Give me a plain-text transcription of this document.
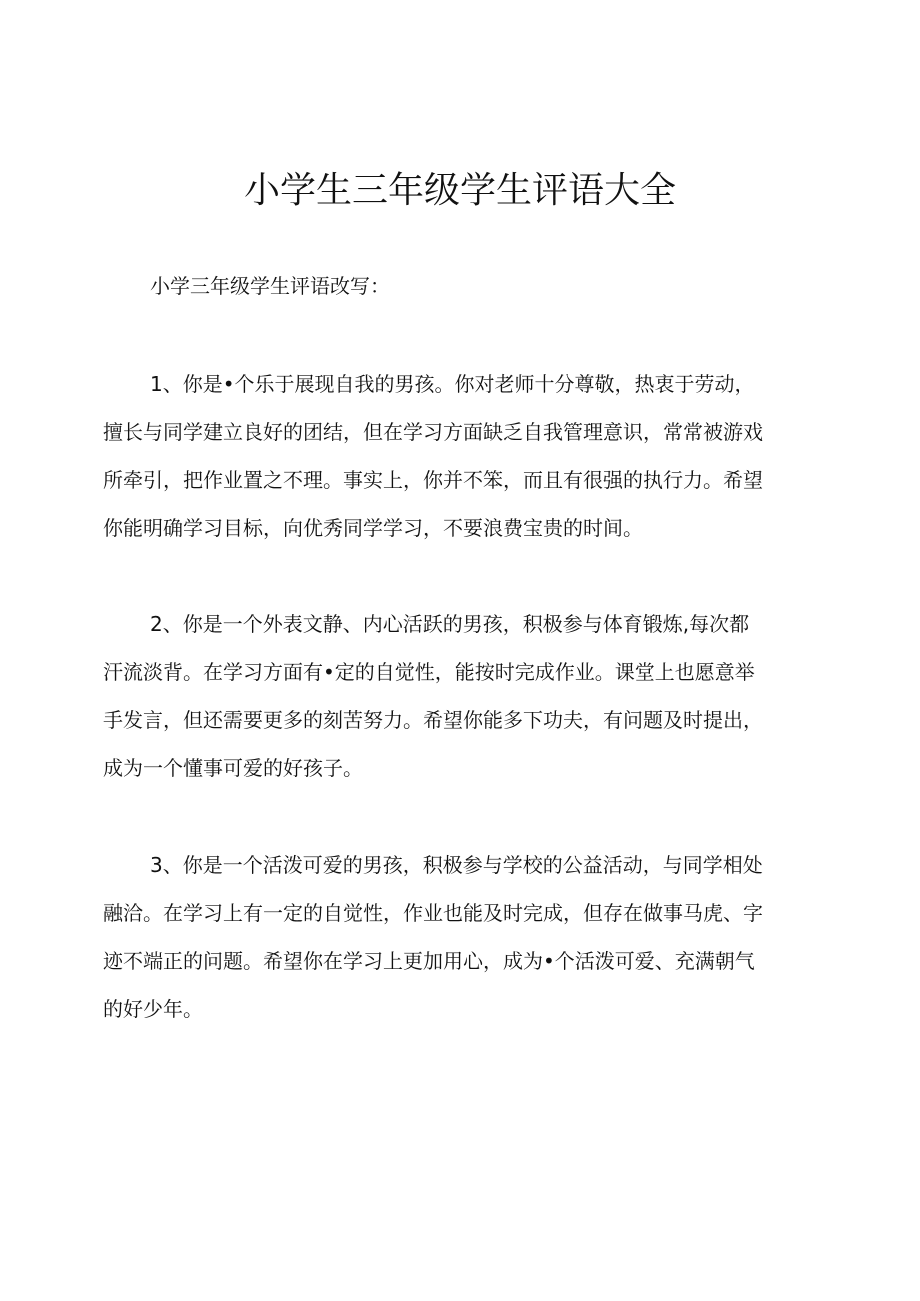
小学生三年级学生评语大全

小学三年级学生评语改写：

1、你是•个乐于展现自我的男孩。你对老师十分尊敬，热衷于劳动，
擅长与同学建立良好的团结，但在学习方面缺乏自我管理意识，常常被游戏
所牵引，把作业置之不理。事实上，你并不笨，而且有很强的执行力。希望
你能明确学习目标，向优秀同学学习，不要浪费宝贵的时间。
2、你是一个外表文静、内心活跃的男孩，积极参与体育锻炼,每次都
汗流淡背。在学习方面有•定的自觉性，能按时完成作业。课堂上也愿意举
手发言，但还需要更多的刻苦努力。希望你能多下功夫，有问题及时提出，
成为一个懂事可爱的好孩子。
3、你是一个活泼可爱的男孩，积极参与学校的公益活动，与同学相处
融洽。在学习上有一定的自觉性，作业也能及时完成，但存在做事马虎、字
迹不端正的问题。希望你在学习上更加用心，成为•个活泼可爱、充满朝气
的好少年。
